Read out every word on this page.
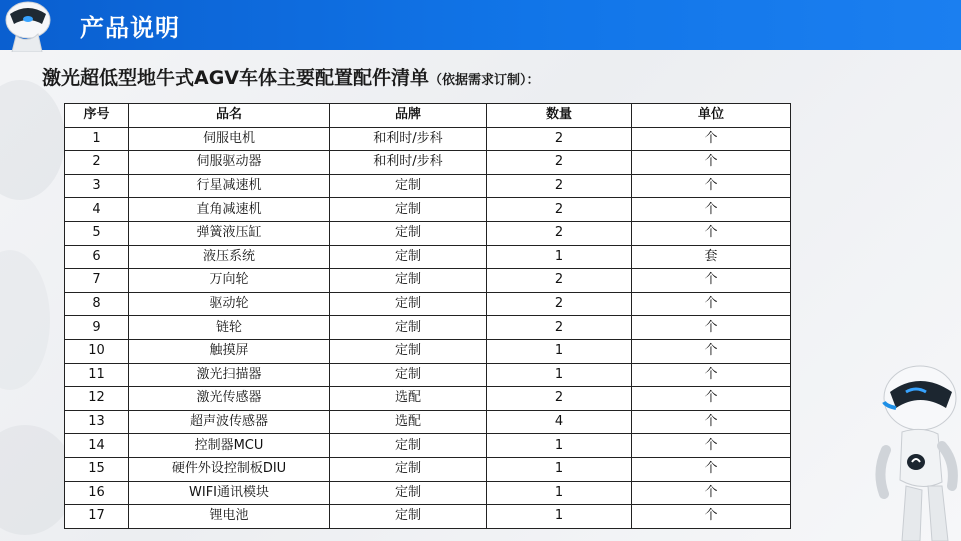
产品说明
激光超低型地牛式AGV车体主要配置配件清单（依据需求订制）：
序号	品名	品牌	数量	单位
1	伺服电机	和利时/步科	2	个
2	伺服驱动器	和利时/步科	2	个
3	行星减速机	定制	2	个
4	直角减速机	定制	2	个
5	弹簧液压缸	定制	2	个
6	液压系统	定制	1	套
7	万向轮	定制	2	个
8	驱动轮	定制	2	个
9	链轮	定制	2	个
10	触摸屏	定制	1	个
11	激光扫描器	定制	1	个
12	激光传感器	选配	2	个
13	超声波传感器	选配	4	个
14	控制器MCU	定制	1	个
15	硬件外设控制板DIU	定制	1	个
16	WIFI通讯模块	定制	1	个
17	锂电池	定制	1	个
